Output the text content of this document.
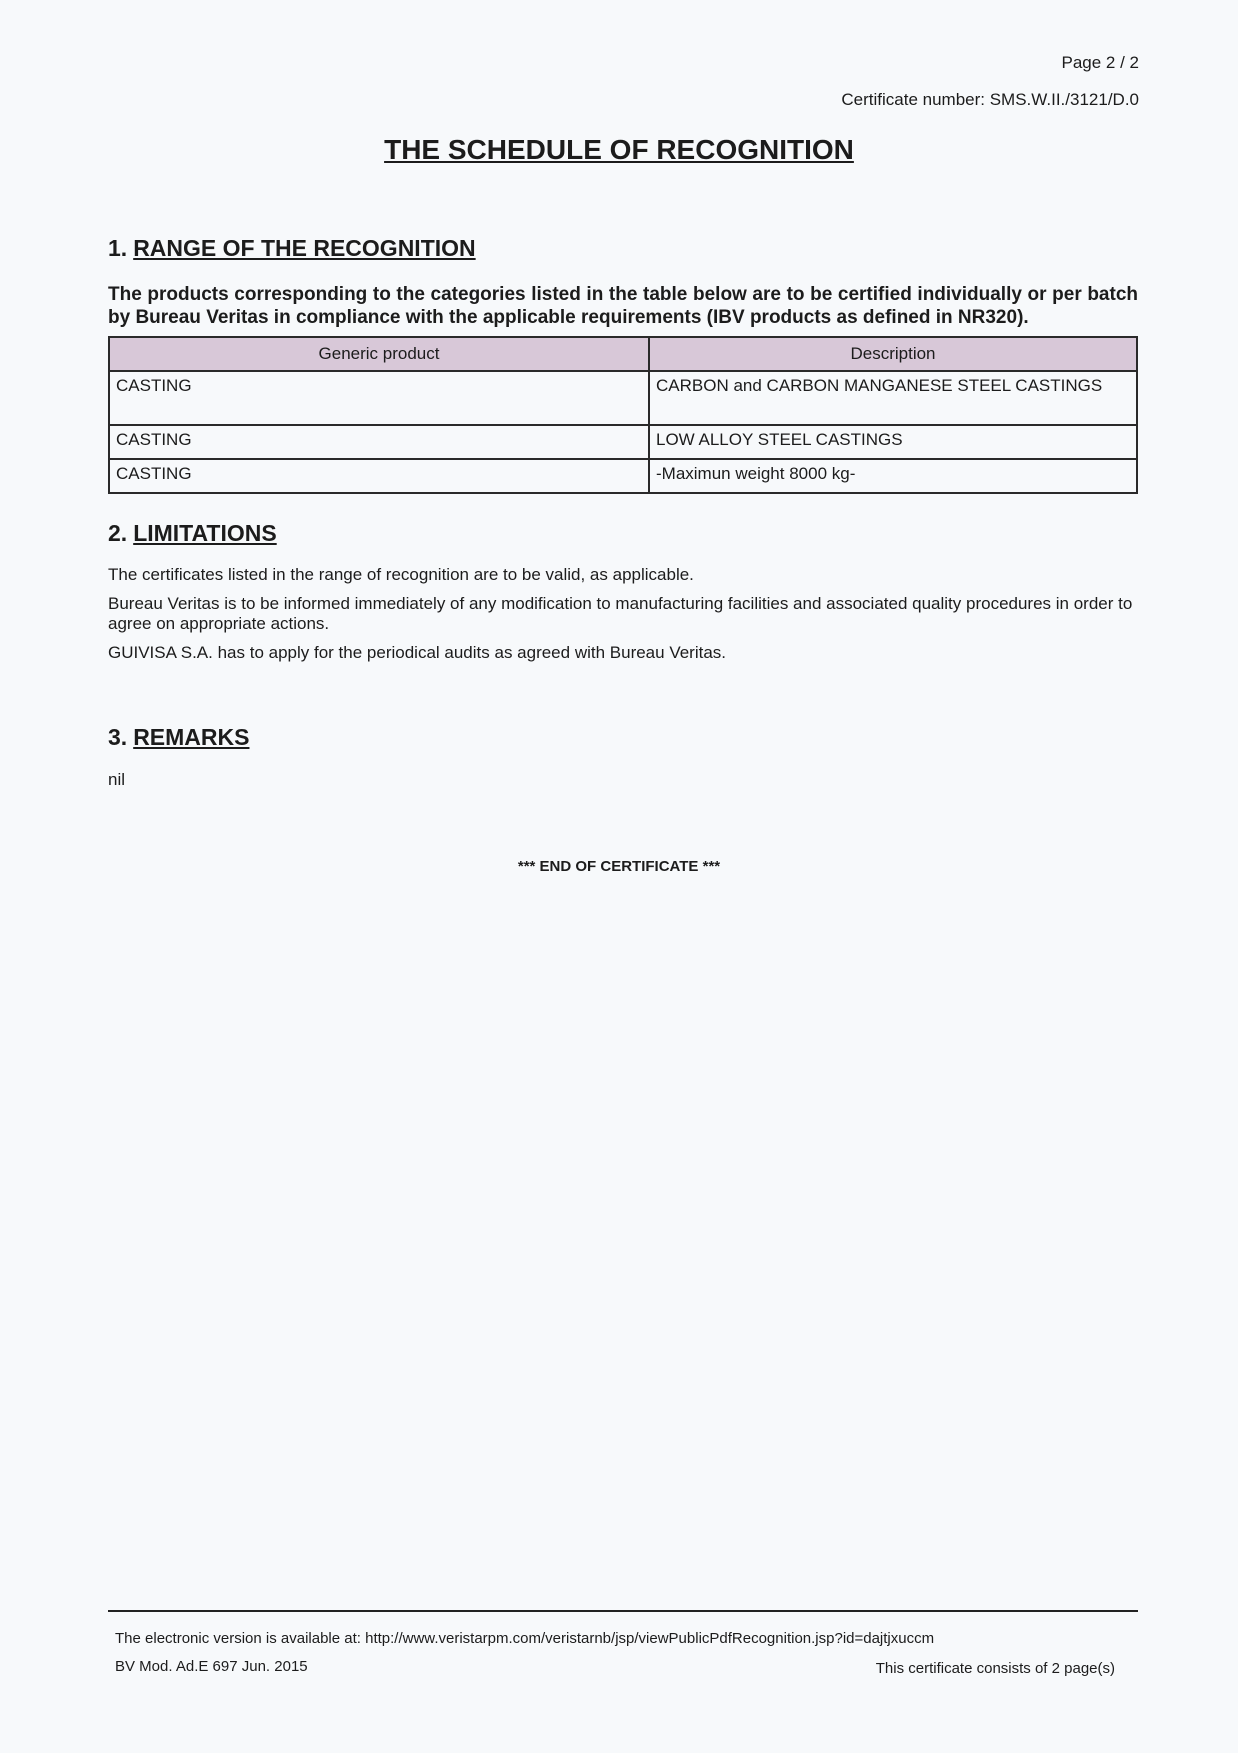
Page 2 / 2
Certificate number: SMS.W.II./3121/D.0
THE SCHEDULE OF RECOGNITION
1. RANGE OF THE RECOGNITION

The products corresponding to the categories listed in the table below are to be certified individually or per batch by Bureau Veritas in compliance with the applicable requirements (IBV products as defined in NR320).

Generic product	Description
CASTING	CARBON and CARBON MANGANESE STEEL CASTINGS
CASTING	LOW ALLOY STEEL CASTINGS
CASTING	-Maximun weight 8000 kg-
2. LIMITATIONS

The certificates listed in the range of recognition are to be valid, as applicable.

Bureau Veritas is to be informed immediately of any modification to manufacturing facilities and associated quality procedures in order to agree on appropriate actions.

GUIVISA S.A. has to apply for the periodical audits as agreed with Bureau Veritas.

3. REMARKS

nil

*** END OF CERTIFICATE ***
The electronic version is available at: http://www.veristarpm.com/veristarnb/jsp/viewPublicPdfRecognition.jsp?id=dajtjxuccm
BV Mod. Ad.E 697 Jun. 2015	This certificate consists of 2 page(s)
